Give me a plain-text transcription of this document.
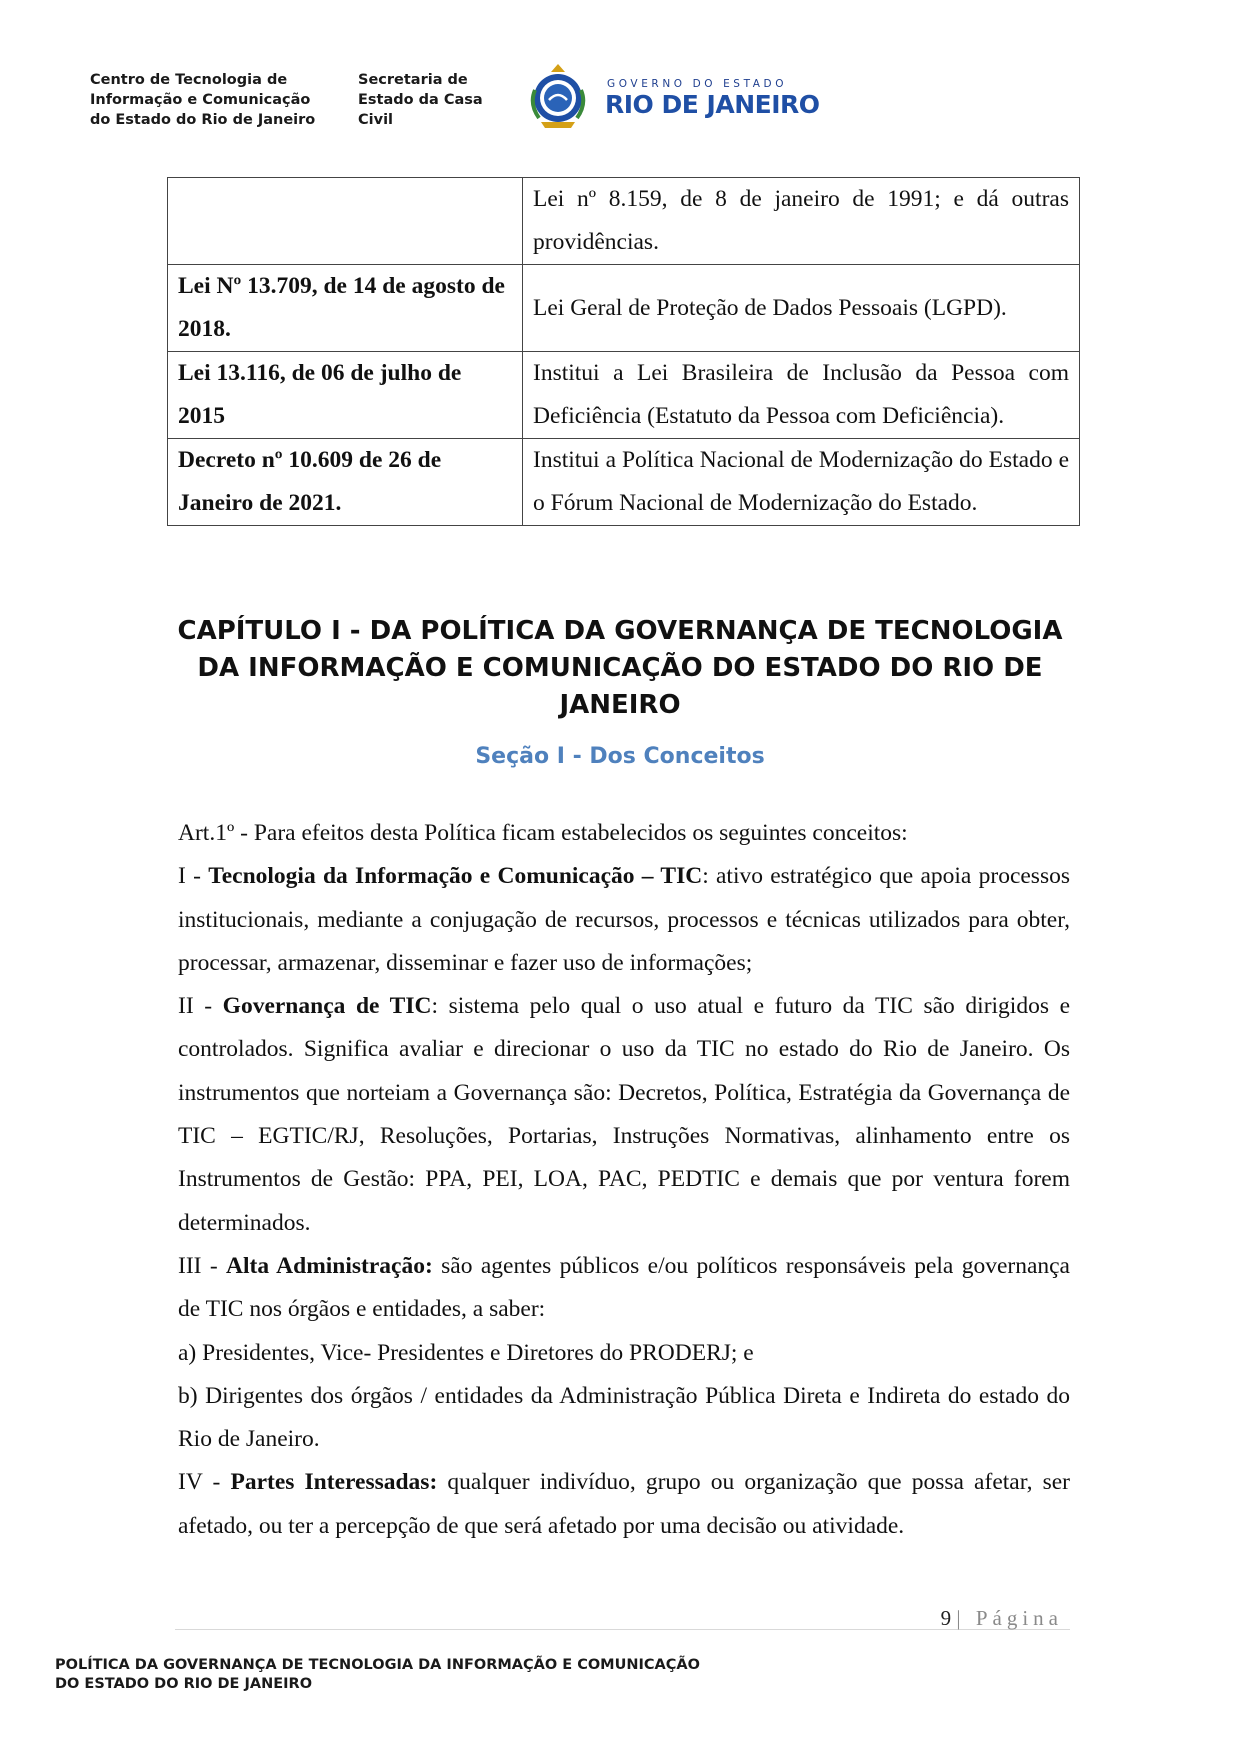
Centro de Tecnologia de
Informação e Comunicação
do Estado do Rio de Janeiro
Secretaria de
Estado da Casa
Civil
GOVERNO DO ESTADO
RIO DE JANEIRO
	Lei nº 8.159, de 8 de janeiro de 1991; e dá outras providências.
Lei Nº 13.709, de 14 de agosto de 2018.	Lei Geral de Proteção de Dados Pessoais (LGPD).
Lei 13.116, de 06 de julho de 2015	Institui a Lei Brasileira de Inclusão da Pessoa com Deficiência (Estatuto da Pessoa com Deficiência).
Decreto nº 10.609 de 26 de Janeiro de 2021.	Institui a Política Nacional de Modernização do Estado e o Fórum Nacional de Modernização do Estado.
CAPÍTULO I - DA POLÍTICA DA GOVERNANÇA DE TECNOLOGIA DA INFORMAÇÃO E COMUNICAÇÃO DO ESTADO DO RIO DE JANEIRO
Seção I - Dos Conceitos

Art.1º - Para efeitos desta Política ficam estabelecidos os seguintes conceitos:

I - Tecnologia da Informação e Comunicação – TIC: ativo estratégico que apoia processos institucionais, mediante a conjugação de recursos, processos e técnicas utilizados para obter, processar, armazenar, disseminar e fazer uso de informações;

II - Governança de TIC: sistema pelo qual o uso atual e futuro da TIC são dirigidos e controlados. Significa avaliar e direcionar o uso da TIC no estado do Rio de Janeiro. Os instrumentos que norteiam a Governança são: Decretos, Política, Estratégia da Governança de TIC – EGTIC/RJ, Resoluções, Portarias, Instruções Normativas, alinhamento entre os Instrumentos de Gestão: PPA, PEI, LOA, PAC, PEDTIC e demais que por ventura forem determinados.

III - Alta Administração: são agentes públicos e/ou políticos responsáveis pela governança de TIC nos órgãos e entidades, a saber:

a) Presidentes, Vice- Presidentes e Diretores do PRODERJ; e

b) Dirigentes dos órgãos / entidades da Administração Pública Direta e Indireta do estado do Rio de Janeiro.

IV - Partes Interessadas: qualquer indivíduo, grupo ou organização que possa afetar, ser afetado, ou ter a percepção de que será afetado por uma decisão ou atividade.

9 | Página
POLÍTICA DA GOVERNANÇA DE TECNOLOGIA DA INFORMAÇÃO E COMUNICAÇÃO
DO ESTADO DO RIO DE JANEIRO
